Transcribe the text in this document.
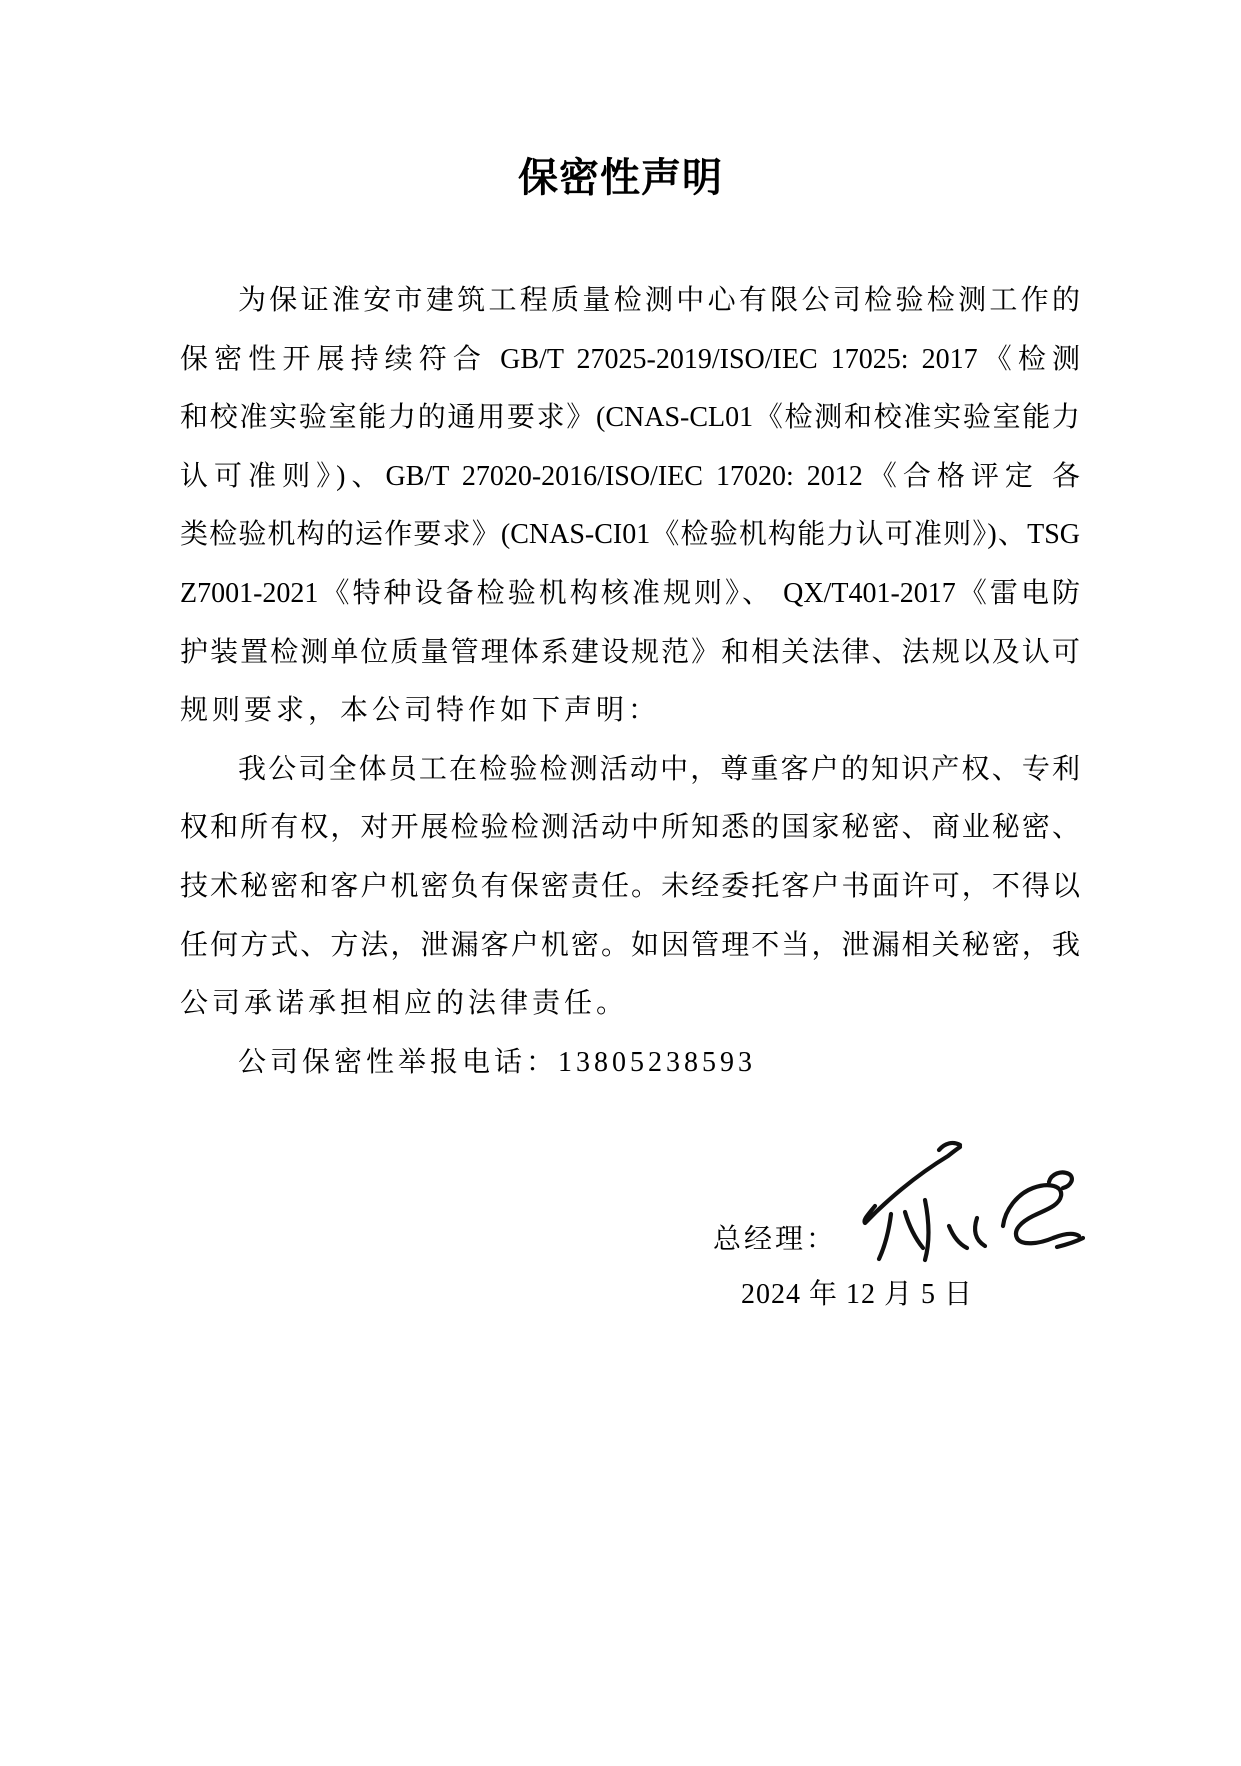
保密性声明
为保证淮安市建筑工程质量检测中心有限公司检验检测工作的
保密性开展持续符合 GB/T 27025-2019/ISO/IEC 17025: 2017《检测
和校准实验室能力的通用要求》(CNAS-CL01《检测和校准实验室能力
认可准则》)、GB/T 27020-2016/ISO/IEC 17020: 2012《合格评定 各
类检验机构的运作要求》(CNAS-CI01《检验机构能力认可准则》)、TSG
Z7001-2021《特种设备检验机构核准规则》、 QX/T401-2017《雷电防
护装置检测单位质量管理体系建设规范》和相关法律、法规以及认可
规则要求，本公司特作如下声明：
我公司全体员工在检验检测活动中，尊重客户的知识产权、专利
权和所有权，对开展检验检测活动中所知悉的国家秘密、商业秘密、
技术秘密和客户机密负有保密责任。未经委托客户书面许可，不得以
任何方式、方法，泄漏客户机密。如因管理不当，泄漏相关秘密，我
公司承诺承担相应的法律责任。
公司保密性举报电话：13805238593
总经理：
2024 年 12 月 5 日
